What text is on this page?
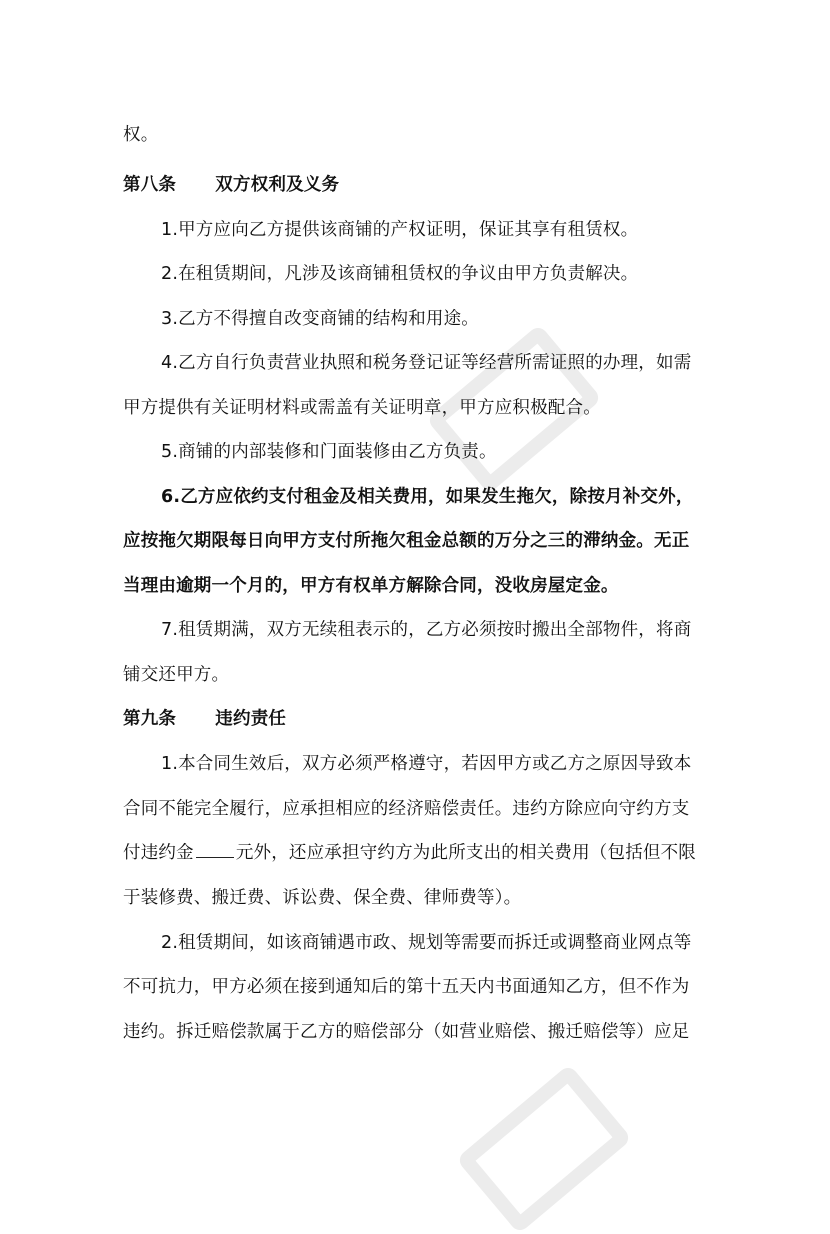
权。
第八条 双方权利及义务
1.甲方应向乙方提供该商铺的产权证明，保证其享有租赁权。
2.在租赁期间，凡涉及该商铺租赁权的争议由甲方负责解决。
3.乙方不得擅自改变商铺的结构和用途。
4.乙方自行负责营业执照和税务登记证等经营所需证照的办理，如需
甲方提供有关证明材料或需盖有关证明章，甲方应积极配合。
5.商铺的内部装修和门面装修由乙方负责。
6.乙方应依约支付租金及相关费用，如果发生拖欠，除按月补交外，
应按拖欠期限每日向甲方支付所拖欠租金总额的万分之三的滞纳金。无正
当理由逾期一个月的，甲方有权单方解除合同，没收房屋定金。
7.租赁期满，双方无续租表示的，乙方必须按时搬出全部物件，将商
铺交还甲方。
第九条 违约责任
1.本合同生效后，双方必须严格遵守，若因甲方或乙方之原因导致本
合同不能完全履行，应承担相应的经济赔偿责任。违约方除应向守约方支
付违约金 元外，还应承担守约方为此所支出的相关费用（包括但不限
于装修费、搬迁费、诉讼费、保全费、律师费等）。
2.租赁期间，如该商铺遇市政、规划等需要而拆迁或调整商业网点等
不可抗力，甲方必须在接到通知后的第十五天内书面通知乙方，但不作为
违约。拆迁赔偿款属于乙方的赔偿部分（如营业赔偿、搬迁赔偿等）应足
